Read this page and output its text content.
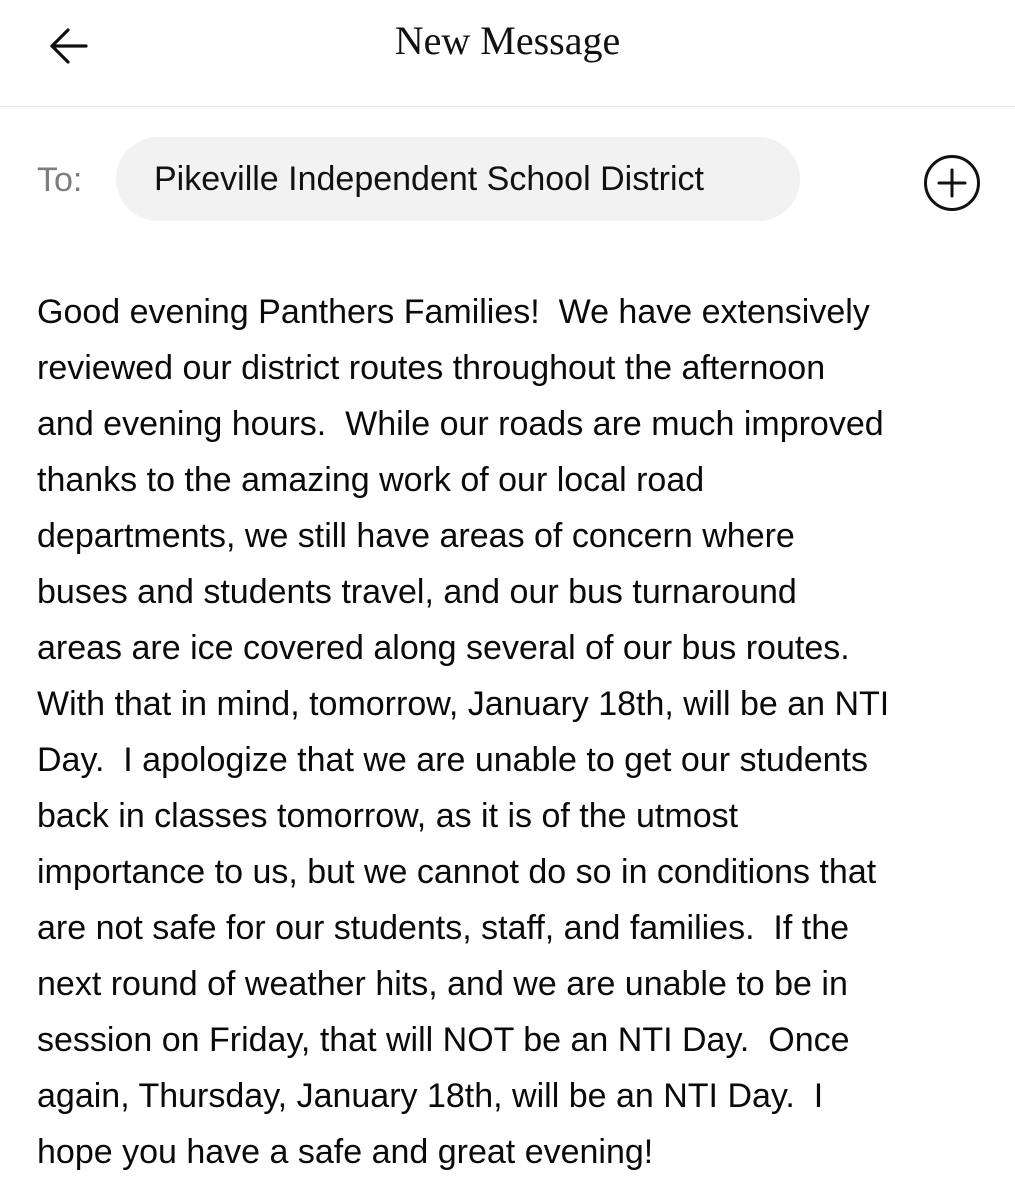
New Message
To:	Pikeville Independent School District
Good evening Panthers Families!  We have extensively
reviewed our district routes throughout the afternoon
and evening hours.  While our roads are much improved
thanks to the amazing work of our local road
departments, we still have areas of concern where
buses and students travel, and our bus turnaround
areas are ice covered along several of our bus routes.
With that in mind, tomorrow, January 18th, will be an NTI
Day.  I apologize that we are unable to get our students
back in classes tomorrow, as it is of the utmost
importance to us, but we cannot do so in conditions that
are not safe for our students, staff, and families.  If the
next round of weather hits, and we are unable to be in
session on Friday, that will NOT be an NTI Day.  Once
again, Thursday, January 18th, will be an NTI Day.  I
hope you have a safe and great evening!
